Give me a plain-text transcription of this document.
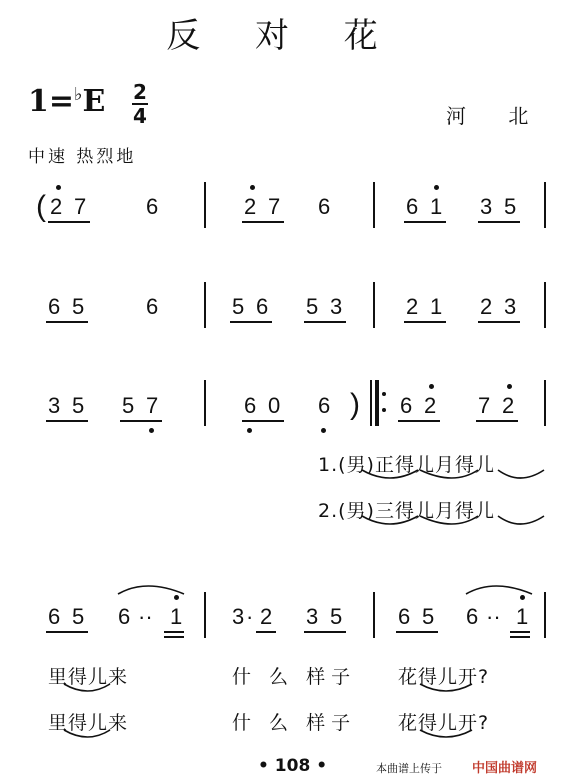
反 对 花
1=♭E 2
4	河 北
中速 热烈地
( 2 7	6	2 7 6	6 1 3 5
6 5	6	5 6 5 3	2 1 2 3
3 5 5 7	6 0 6 ) 6 2 7 2
1.(男)正得儿月得儿
2.(男)三得儿月得儿
6 5 6 ·· 1 3 · 2 3 5	6 5 6 ·· 1
里得儿来	什 么 样子 花得儿开?
里得儿来	什 么 样子 花得儿开?
• 108 •	本曲谱上传于 中国曲谱网
